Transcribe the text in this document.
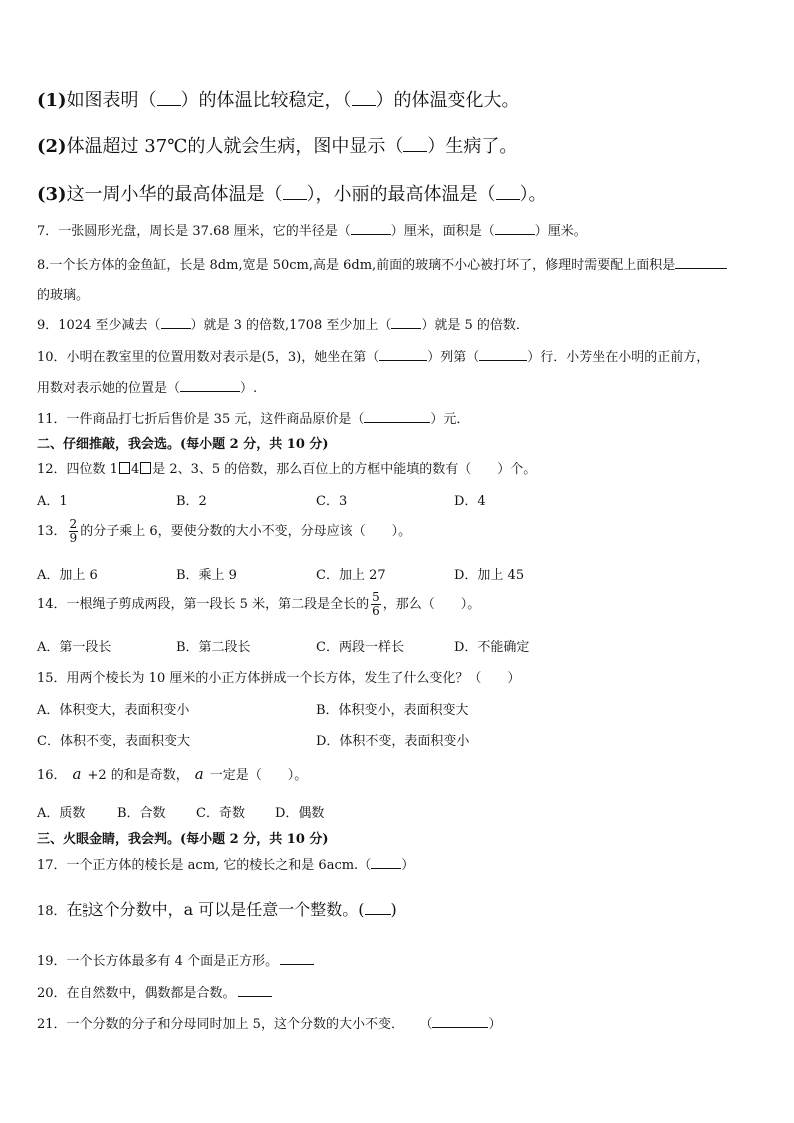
(1)如图表明（ ）的体温比较稳定，（ ）的体温变化大。
(2)体温超过 37℃的人就会生病，图中显示（ ）生病了。
(3)这一周小华的最高体温是（ ），小丽的最高体温是（ ）。
7．一张圆形光盘，周长是 37.68 厘米，它的半径是（	）厘米，面积是（	）厘米。
8.一个长方体的金鱼缸，长是 8dm,宽是 50cm,高是 6dm,前面的玻璃不小心被打坏了，修理时需要配上面积是
的玻璃。
9．1024 至少减去（ ）就是 3 的倍数,1708 至少加上（ ）就是 5 的倍数．
10．小明在教室里的位置用数对表示是(5，3)，她坐在第（	）列第（	）行．小芳坐在小明的正前方，
用数对表示她的位置是（	）.
11．一件商品打七折后售价是 35 元，这件商品原价是（	）元．
二、仔细推敲，我会选。(每小题 2 分，共 10 分)
12．四位数 1 4 是 2、3、5 的倍数，那么百位上的方框中能填的数有（　　）个。
A．1	B．2	C．3	D．4
13． $\frac{2}{9}$ 的分子乘上 6，要使分数的大小不变，分母应该（　　）。
A．加上 6	B．乘上 9	C．加上 27	D．加上 45
14．一根绳子剪成两段，第一段长 5 米，第二段是全长的 $\frac{5}{6}$ ，那么（　　）。
A．第一段长	B．第二段长	C．两段一样长	D．不能确定
15．用两个棱长为 10 厘米的小正方体拼成一个长方体，发生了什么变化？（　　）
A．体积变大，表面积变小	B．体积变小，表面积变大
C．体积不变，表面积变大	D．体积不变，表面积变小
16． a +2 的和是奇数， a 一定是（　　）。
A．质数 B．合数 C．奇数 D．偶数
三、火眼金睛，我会判。(每小题 2 分，共 10 分)
17．一个正方体的棱长是 acm, 它的棱长之和是 6acm.（ ）
18．在$\frac{a}{5}$ 这个分数中，a 可以是任意一个整数。( )
19．一个长方体最多有 4 个面是正方形。
20．在自然数中，偶数都是合数。
21．一个分数的分子和分母同时加上 5，这个分数的大小不变． （	）
